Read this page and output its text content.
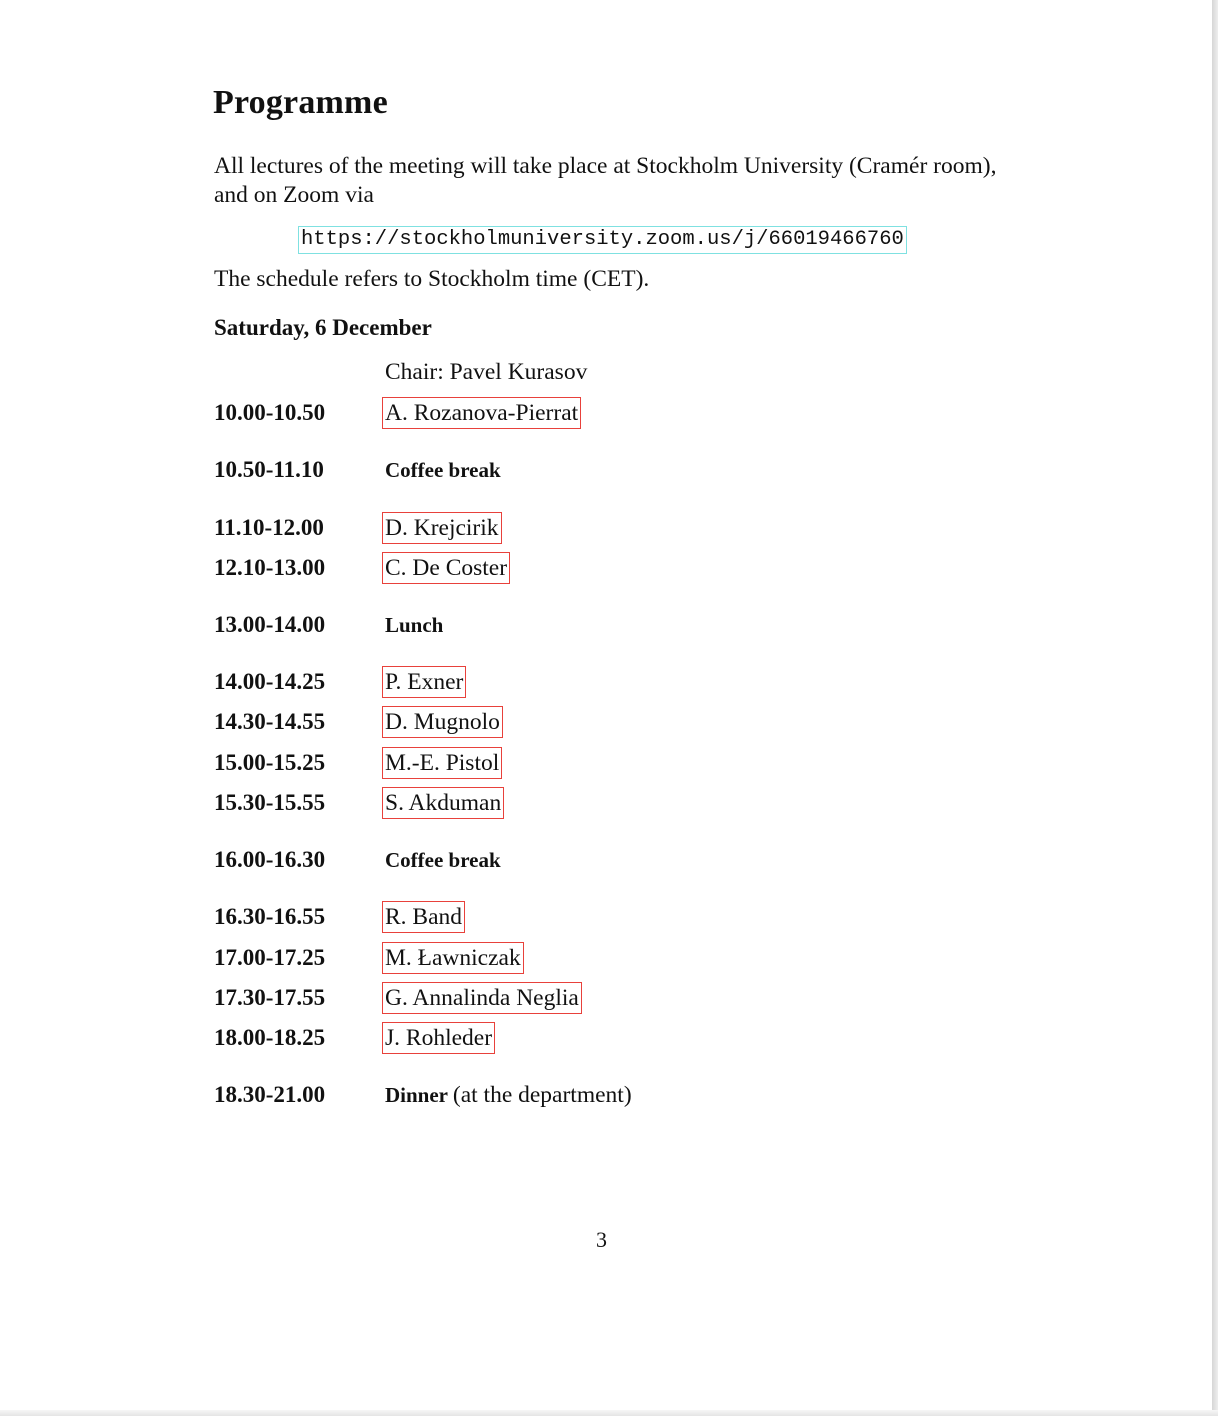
Programme

All lectures of the meeting will take place at Stockholm University (Cramér room), and on Zoom via

https://stockholmuniversity.zoom.us/j/66019466760

The schedule refers to Stockholm time (CET).

Saturday, 6 December
Chair: Pavel Kurasov
10.00-10.50	A. Rozanova-Pierrat
10.50-11.10	Coffee break
11.10-12.00	D. Krejcirik
12.10-13.00	C. De Coster
13.00-14.00	Lunch
14.00-14.25	P. Exner
14.30-14.55	D. Mugnolo
15.00-15.25	M.-E. Pistol
15.30-15.55	S. Akduman
16.00-16.30	Coffee break
16.30-16.55	R. Band
17.00-17.25	M. Ławniczak
17.30-17.55	G. Annalinda Neglia
18.00-18.25	J. Rohleder
18.30-21.00	Dinner (at the department)
3
